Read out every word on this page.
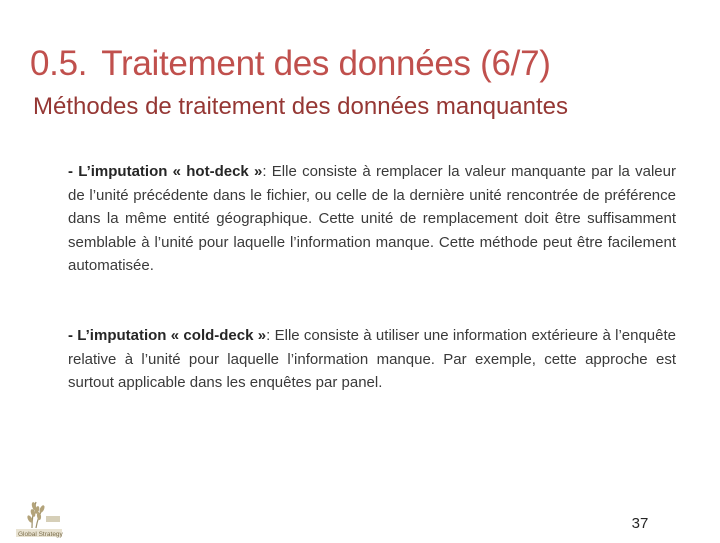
0.5. Traitement des données (6/7)
Méthodes de traitement des données manquantes
- L’imputation « hot-deck »: Elle consiste à remplacer la valeur manquante par la valeur de l’unité précédente dans le fichier, ou celle de la dernière unité rencontrée de préférence dans la même entité géographique. Cette unité de remplacement doit être suffisamment semblable à l’unité pour laquelle l’information manque. Cette méthode peut être facilement automatisée.
- L’imputation « cold-deck »: Elle consiste à utiliser une information extérieure à l’enquête relative à l’unité pour laquelle l’information manque. Par exemple, cette approche est surtout applicable dans les enquêtes par panel.
Global Strategy
37
